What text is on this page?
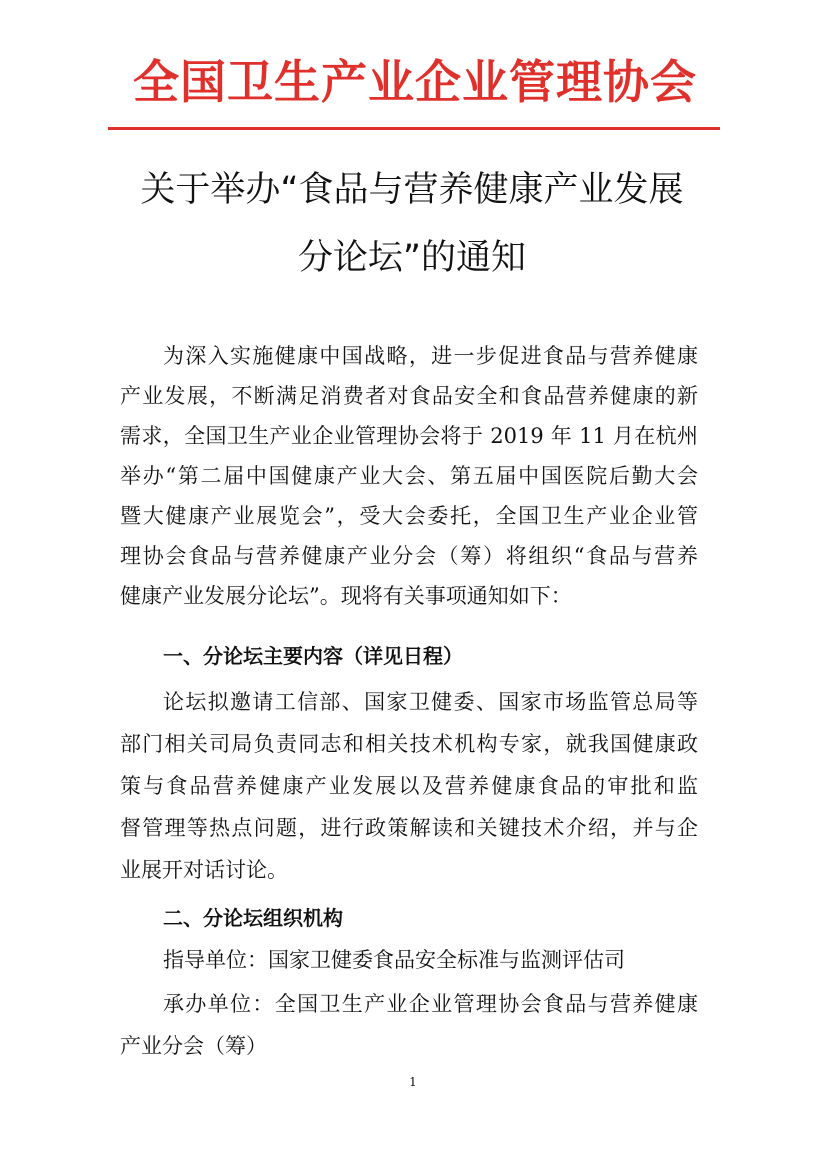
全国卫生产业企业管理协会
关于举办“食品与营养健康产业发展
分论坛”的通知
为深入实施健康中国战略，进一步促进食品与营养健康
产业发展，不断满足消费者对食品安全和食品营养健康的新
需求，全国卫生产业企业管理协会将于 2019 年 11 月在杭州
举办“第二届中国健康产业大会、第五届中国医院后勤大会
暨大健康产业展览会”，受大会委托，全国卫生产业企业管
理协会食品与营养健康产业分会（筹）将组织“食品与营养
健康产业发展分论坛”。现将有关事项通知如下：
一、分论坛主要内容（详见日程）
论坛拟邀请工信部、国家卫健委、国家市场监管总局等
部门相关司局负责同志和相关技术机构专家，就我国健康政
策与食品营养健康产业发展以及营养健康食品的审批和监
督管理等热点问题，进行政策解读和关键技术介绍，并与企
业展开对话讨论。
二、分论坛组织机构
指导单位：国家卫健委食品安全标准与监测评估司
承办单位：全国卫生产业企业管理协会食品与营养健康
产业分会（筹）
1
